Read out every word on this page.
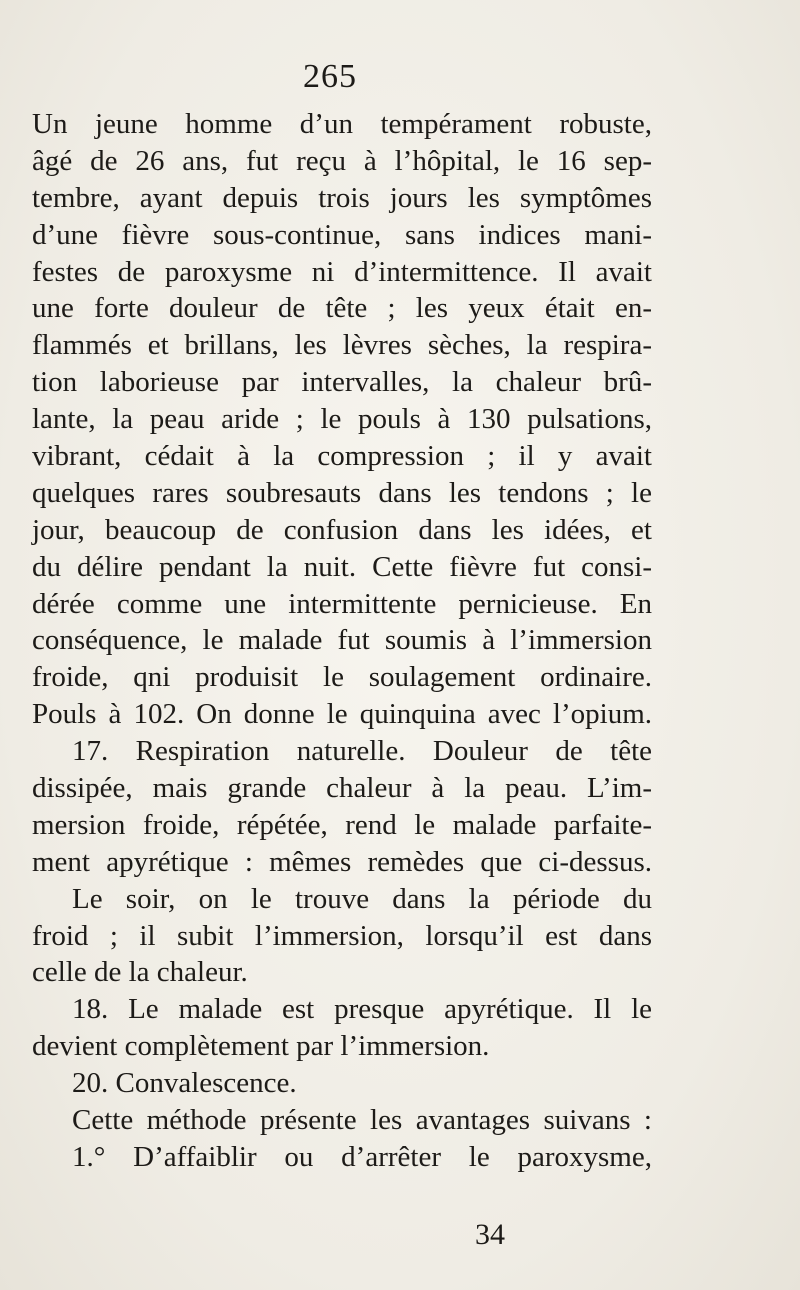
265
Un jeune homme d’un tempérament robuste,
âgé de 26 ans, fut reçu à l’hôpital, le 16 sep-
tembre, ayant depuis trois jours les symptômes
d’une fièvre sous-continue, sans indices mani-
festes de paroxysme ni d’intermittence. Il avait
une forte douleur de tête ; les yeux était en-
flammés et brillans, les lèvres sèches, la respira-
tion laborieuse par intervalles, la chaleur brû-
lante, la peau aride ; le pouls à 130 pulsations,
vibrant, cédait à la compression ; il y avait
quelques rares soubresauts dans les tendons ; le
jour, beaucoup de confusion dans les idées, et
du délire pendant la nuit. Cette fièvre fut consi-
dérée comme une intermittente pernicieuse. En
conséquence, le malade fut soumis à l’immersion
froide, qni produisit le soulagement ordinaire.
Pouls à 102. On donne le quinquina avec l’opium.
17. Respiration naturelle. Douleur de tête
dissipée, mais grande chaleur à la peau. L’im-
mersion froide, répétée, rend le malade parfaite-
ment apyrétique : mêmes remèdes que ci-dessus.
Le soir, on le trouve dans la période du
froid ; il subit l’immersion, lorsqu’il est dans
celle de la chaleur.
18. Le malade est presque apyrétique. Il le
devient complètement par l’immersion.
20. Convalescence.
Cette méthode présente les avantages suivans :
1.° D’affaiblir ou d’arrêter le paroxysme,
34
